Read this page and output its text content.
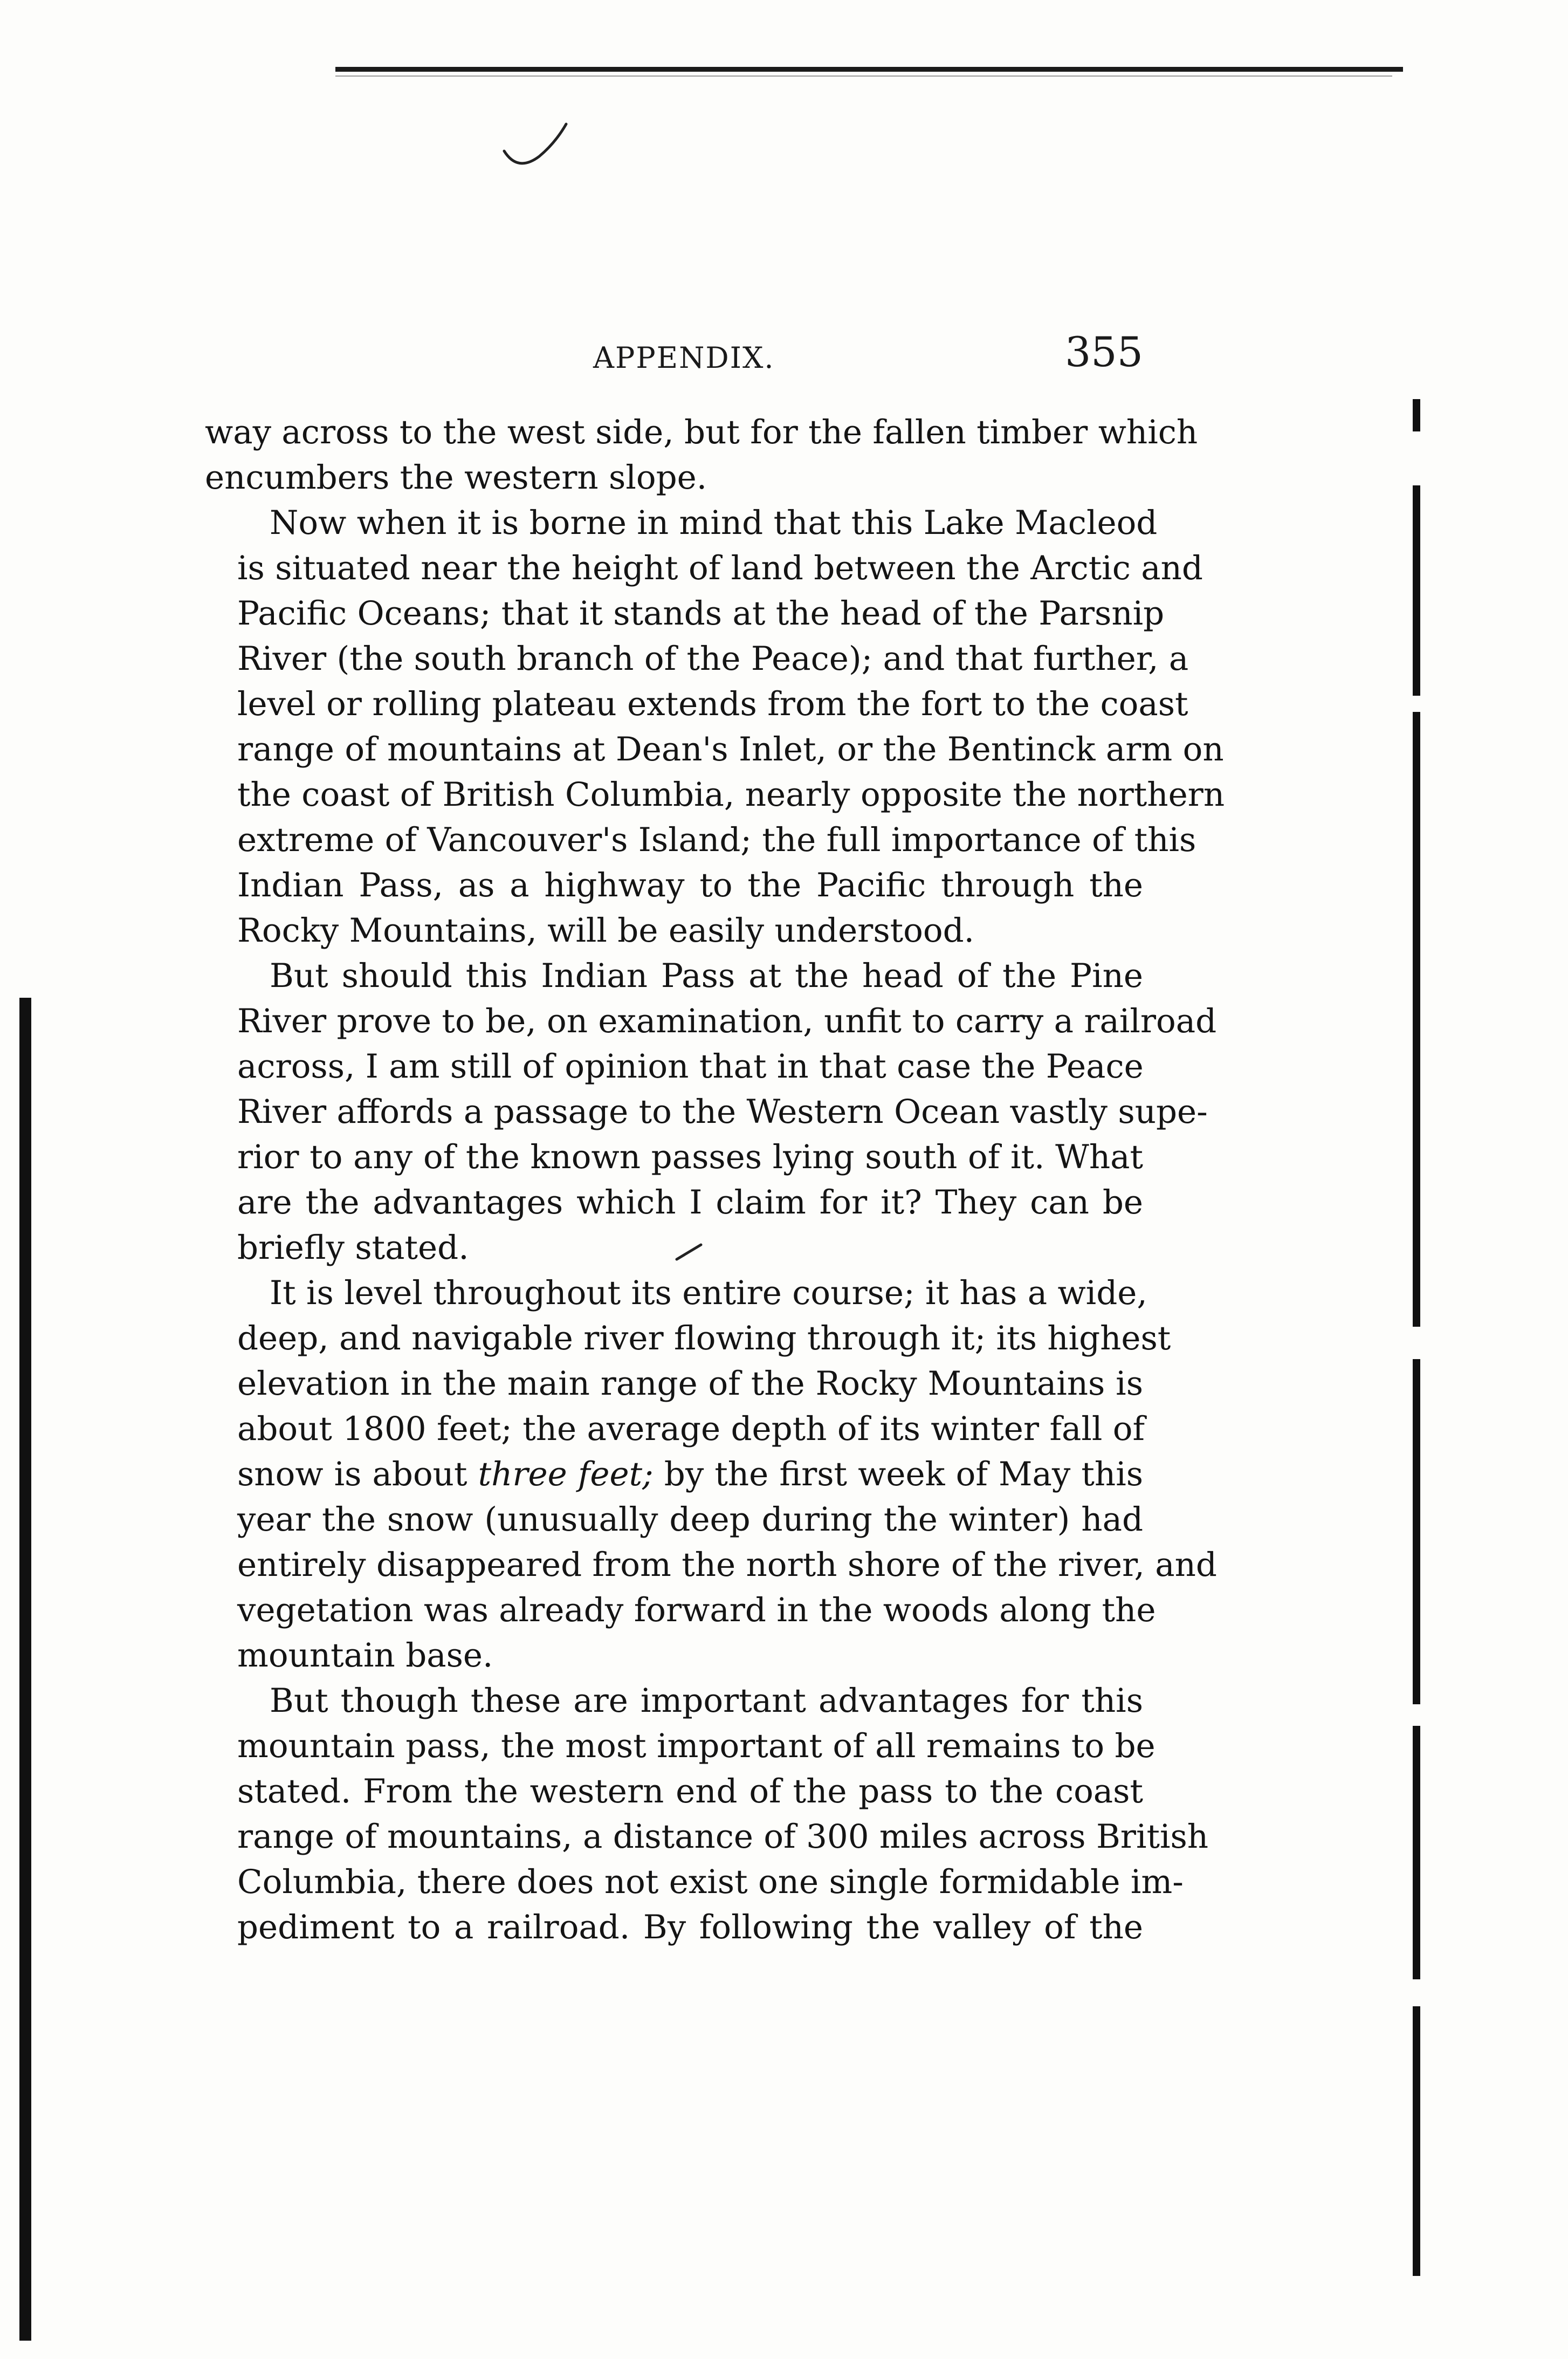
APPENDIX.	355

way across to the west side, but for the fallen timber which
encumbers the western slope.

Now when it is borne in mind that this Lake Macleod
is situated near the height of land between the Arctic and
Pacific Oceans; that it stands at the head of the Parsnip
River (the south branch of the Peace); and that further, a
level or rolling plateau extends from the fort to the coast
range of mountains at Dean's Inlet, or the Bentinck arm on
the coast of British Columbia, nearly opposite the northern
extreme of Vancouver's Island; the full importance of this
Indian Pass, as a highway to the Pacific through the
Rocky Mountains, will be easily understood.

But should this Indian Pass at the head of the Pine
River prove to be, on examination, unfit to carry a railroad
across, I am still of opinion that in that case the Peace
River affords a passage to the Western Ocean vastly supe-
rior to any of the known passes lying south of it. What
are the advantages which I claim for it? They can be
briefly stated.

It is level throughout its entire course; it has a wide,
deep, and navigable river flowing through it; its highest
elevation in the main range of the Rocky Mountains is
about 1800 feet; the average depth of its winter fall of
snow is about three feet; by the first week of May this
year the snow (unusually deep during the winter) had
entirely disappeared from the north shore of the river, and
vegetation was already forward in the woods along the
mountain base.

But though these are important advantages for this
mountain pass, the most important of all remains to be
stated. From the western end of the pass to the coast
range of mountains, a distance of 300 miles across British
Columbia, there does not exist one single formidable im-
pediment to a railroad. By following the valley of the
